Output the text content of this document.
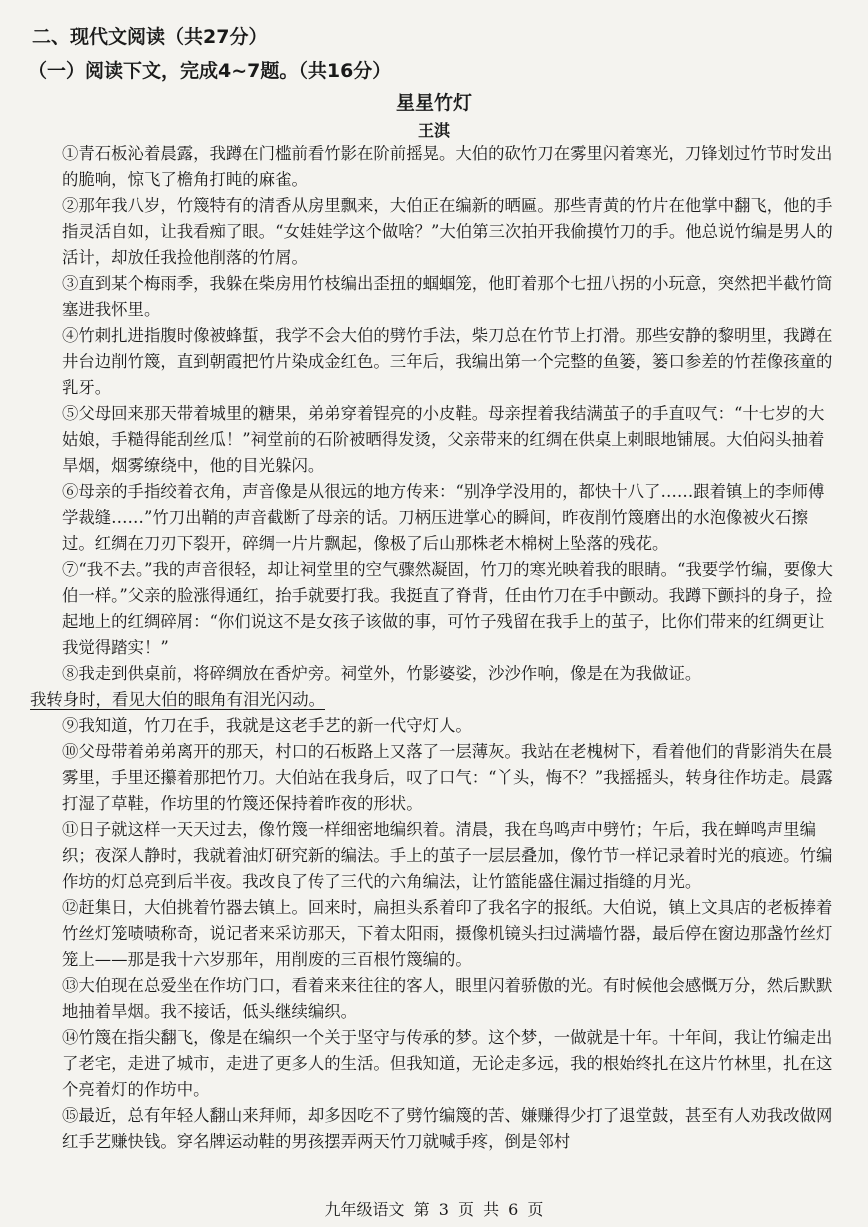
二、现代文阅读（共27分）
（一）阅读下文，完成4~7题。（共16分）
星星竹灯
王淇

①青石板沁着晨露，我蹲在门槛前看竹影在阶前摇晃。大伯的砍竹刀在雾里闪着寒光，刀锋划过竹节时发出的脆响，惊飞了檐角打盹的麻雀。

②那年我八岁，竹篾特有的清香从房里飘来，大伯正在编新的晒匾。那些青黄的竹片在他掌中翻飞，他的手指灵活自如，让我看痴了眼。“女娃娃学这个做啥？”大伯第三次拍开我偷摸竹刀的手。他总说竹编是男人的活计，却放任我捡他削落的竹屑。

③直到某个梅雨季，我躲在柴房用竹枝编出歪扭的蝈蝈笼，他盯着那个七扭八拐的小玩意，突然把半截竹筒塞进我怀里。

④竹刺扎进指腹时像被蜂蜇，我学不会大伯的劈竹手法，柴刀总在竹节上打滑。那些安静的黎明里，我蹲在井台边削竹篾，直到朝霞把竹片染成金红色。三年后，我编出第一个完整的鱼篓，篓口参差的竹茬像孩童的乳牙。

⑤父母回来那天带着城里的糖果，弟弟穿着锃亮的小皮鞋。母亲捏着我结满茧子的手直叹气：“十七岁的大姑娘，手糙得能刮丝瓜！”祠堂前的石阶被晒得发烫，父亲带来的红绸在供桌上刺眼地铺展。大伯闷头抽着旱烟，烟雾缭绕中，他的目光躲闪。

⑥母亲的手指绞着衣角，声音像是从很远的地方传来：“别净学没用的，都快十八了……跟着镇上的李师傅学裁缝……”竹刀出鞘的声音截断了母亲的话。刀柄压进掌心的瞬间，昨夜削竹篾磨出的水泡像被火石擦过。红绸在刀刃下裂开，碎绸一片片飘起，像极了后山那株老木棉树上坠落的残花。

⑦“我不去。”我的声音很轻，却让祠堂里的空气骤然凝固，竹刀的寒光映着我的眼睛。“我要学竹编，要像大伯一样。”父亲的脸涨得通红，抬手就要打我。我挺直了脊背，任由竹刀在手中颤动。我蹲下颤抖的身子，捡起地上的红绸碎屑：“你们说这不是女孩子该做的事，可竹子残留在我手上的茧子，比你们带来的红绸更让我觉得踏实！”

⑧我走到供桌前，将碎绸放在香炉旁。祠堂外，竹影婆娑，沙沙作响，像是在为我做证。

我转身时，看见大伯的眼角有泪光闪动。

⑨我知道，竹刀在手，我就是这老手艺的新一代守灯人。

⑩父母带着弟弟离开的那天，村口的石板路上又落了一层薄灰。我站在老槐树下，看着他们的背影消失在晨雾里，手里还攥着那把竹刀。大伯站在我身后，叹了口气：“丫头，悔不？”我摇摇头，转身往作坊走。晨露打湿了草鞋，作坊里的竹篾还保持着昨夜的形状。

⑪日子就这样一天天过去，像竹篾一样细密地编织着。清晨，我在鸟鸣声中劈竹；午后，我在蝉鸣声里编织；夜深人静时，我就着油灯研究新的编法。手上的茧子一层层叠加，像竹节一样记录着时光的痕迹。竹编作坊的灯总亮到后半夜。我改良了传了三代的六角编法，让竹篮能盛住漏过指缝的月光。

⑫赶集日，大伯挑着竹器去镇上。回来时，扁担头系着印了我名字的报纸。大伯说，镇上文具店的老板捧着竹丝灯笼啧啧称奇，说记者来采访那天，下着太阳雨，摄像机镜头扫过满墙竹器，最后停在窗边那盏竹丝灯笼上——那是我十六岁那年，用削废的三百根竹篾编的。

⑬大伯现在总爱坐在作坊门口，看着来来往往的客人，眼里闪着骄傲的光。有时候他会感慨万分，然后默默地抽着旱烟。我不接话，低头继续编织。

⑭竹篾在指尖翻飞，像是在编织一个关于坚守与传承的梦。这个梦，一做就是十年。十年间，我让竹编走出了老宅，走进了城市，走进了更多人的生活。但我知道，无论走多远，我的根始终扎在这片竹林里，扎在这个亮着灯的作坊中。

⑮最近，总有年轻人翻山来拜师，却多因吃不了劈竹编篾的苦、嫌赚得少打了退堂鼓，甚至有人劝我改做网红手艺赚快钱。穿名牌运动鞋的男孩摆弄两天竹刀就喊手疼，倒是邻村

九年级语文 第 3 页 共 6 页
